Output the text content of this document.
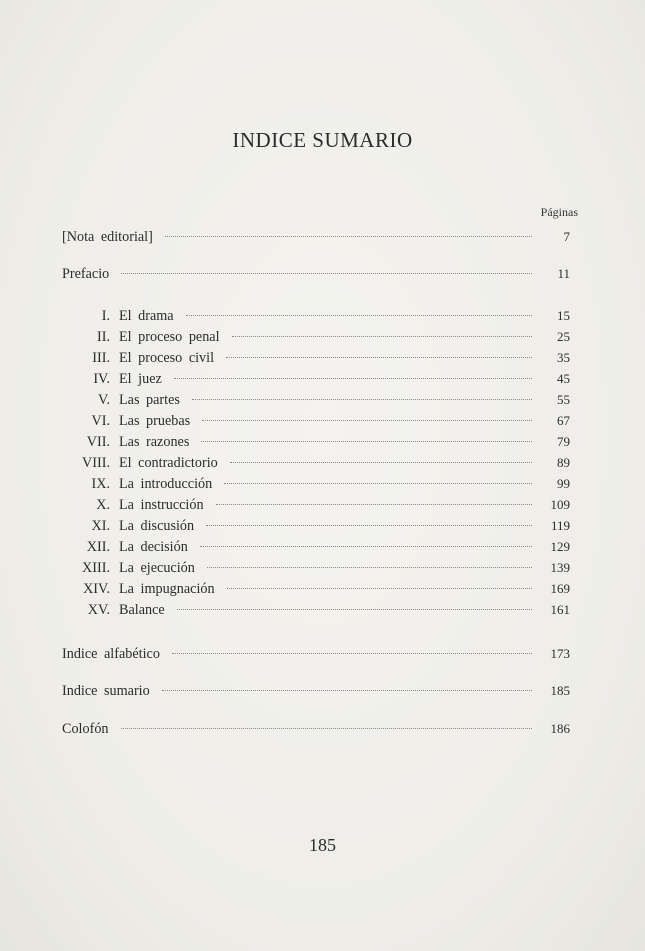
INDICE SUMARIO
Páginas
[Nota editorial]	7
Prefacio	11
I. El drama	15
II. El proceso penal	25
III. El proceso civil	35
IV. El juez	45
V. Las partes	55
VI. Las pruebas	67
VII. Las razones	79
VIII. El contradictorio	89
IX. La introducción	99
X. La instrucción	109
XI. La discusión	119
XII. La decisión	129
XIII. La ejecución	139
XIV. La impugnación	169
XV. Balance	161
Indice alfabético	173
Indice sumario	185
Colofón	186
185
